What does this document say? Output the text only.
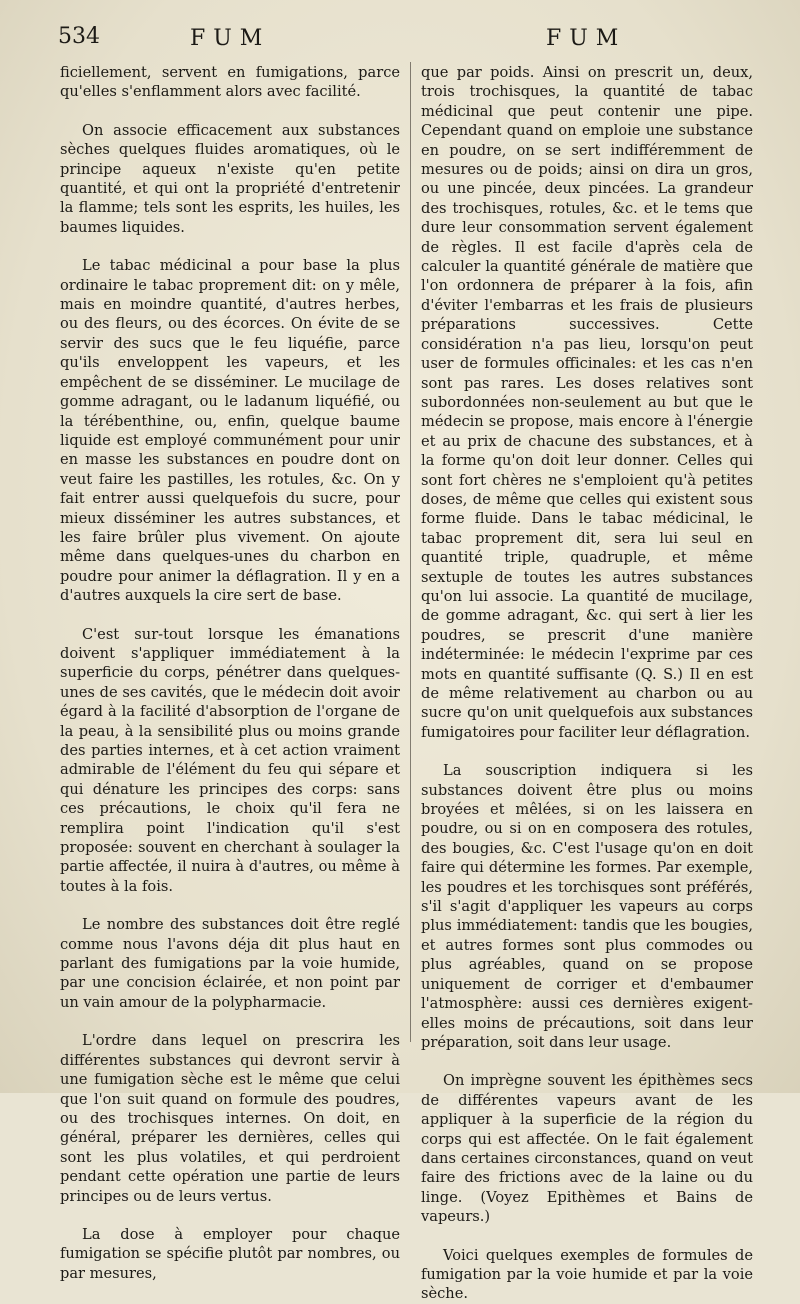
534	FUM	FUM

ficiellement, servent en fumigations, parce qu'elles s'enflamment alors avec facilité.

On associe efficacement aux substances sèches quelques fluides aromatiques, où le principe aqueux n'existe qu'en petite quantité, et qui ont la propriété d'entretenir la flamme; tels sont les esprits, les huiles, les baumes liquides.

Le tabac médicinal a pour base la plus ordinaire le tabac proprement dit: on y mêle, mais en moindre quantité, d'autres herbes, ou des fleurs, ou des écorces. On évite de se servir des sucs que le feu liquéfie, parce qu'ils enveloppent les vapeurs, et les empêchent de se disséminer. Le mucilage de gomme adragant, ou le ladanum liquéfié, ou la térébenthine, ou, enfin, quelque baume liquide est employé communément pour unir en masse les substances en poudre dont on veut faire les pastilles, les rotules, &c. On y fait entrer aussi quelquefois du sucre, pour mieux disséminer les autres substances, et les faire brûler plus vivement. On ajoute même dans quelques-unes du charbon en poudre pour animer la déflagration. Il y en a d'autres auxquels la cire sert de base.

C'est sur-tout lorsque les émanations doivent s'appliquer immédiatement à la superficie du corps, pénétrer dans quelques-unes de ses cavités, que le médecin doit avoir égard à la facilité d'absorption de l'organe de la peau, à la sensibilité plus ou moins grande des parties internes, et à cet action vraiment admirable de l'élément du feu qui sépare et qui dénature les principes des corps: sans ces précautions, le choix qu'il fera ne remplira point l'indication qu'il s'est proposée: souvent en cherchant à soulager la partie affectée, il nuira à d'autres, ou même à toutes à la fois.

Le nombre des substances doit être reglé comme nous l'avons déja dit plus haut en parlant des fumigations par la voie humide, par une concision éclairée, et non point par un vain amour de la polypharmacie.

L'ordre dans lequel on prescrira les différentes substances qui devront servir à une fumigation sèche est le même que celui que l'on suit quand on formule des poudres, ou des trochisques internes. On doit, en général, préparer les dernières, celles qui sont les plus volatiles, et qui perdroient pendant cette opération une partie de leurs principes ou de leurs vertus.

La dose à employer pour chaque fumigation se spécifie plutôt par nombres, ou par mesures,

que par poids. Ainsi on prescrit un, deux, trois trochisques, la quantité de tabac médicinal que peut contenir une pipe. Cependant quand on emploie une substance en poudre, on se sert indifféremment de mesures ou de poids; ainsi on dira un gros, ou une pincée, deux pincées. La grandeur des trochisques, rotules, &c. et le tems que dure leur consommation servent également de règles. Il est facile d'après cela de calculer la quantité générale de matière que l'on ordonnera de préparer à la fois, afin d'éviter l'embarras et les frais de plusieurs préparations successives. Cette considération n'a pas lieu, lorsqu'on peut user de formules officinales: et les cas n'en sont pas rares. Les doses relatives sont subordonnées non-seulement au but que le médecin se propose, mais encore à l'énergie et au prix de chacune des substances, et à la forme qu'on doit leur donner. Celles qui sont fort chères ne s'emploient qu'à petites doses, de même que celles qui existent sous forme fluide. Dans le tabac médicinal, le tabac proprement dit, sera lui seul en quantité triple, quadruple, et même sextuple de toutes les autres substances qu'on lui associe. La quantité de mucilage, de gomme adragant, &c. qui sert à lier les poudres, se prescrit d'une manière indéterminée: le médecin l'exprime par ces mots en quantité suffisante (Q. S.) Il en est de même relativement au charbon ou au sucre qu'on unit quelquefois aux substances fumigatoires pour faciliter leur déflagration.

La souscription indiquera si les substances doivent être plus ou moins broyées et mêlées, si on les laissera en poudre, ou si on en composera des rotules, des bougies, &c. C'est l'usage qu'on en doit faire qui détermine les formes. Par exemple, les poudres et les torchisques sont préférés, s'il s'agit d'appliquer les vapeurs au corps plus immédiatement: tandis que les bougies, et autres formes sont plus commodes ou plus agréables, quand on se propose uniquement de corriger et d'embaumer l'atmosphère: aussi ces dernières exigent-elles moins de précautions, soit dans leur préparation, soit dans leur usage.

On imprègne souvent les épithèmes secs de différentes vapeurs avant de les appliquer à la superficie de la région du corps qui est affectée. On le fait également dans certaines circonstances, quand on veut faire des frictions avec de la laine ou du linge. (Voyez Epithèmes et Bains de vapeurs.)

Voici quelques exemples de formules de fumigation par la voie humide et par la voie sèche.
